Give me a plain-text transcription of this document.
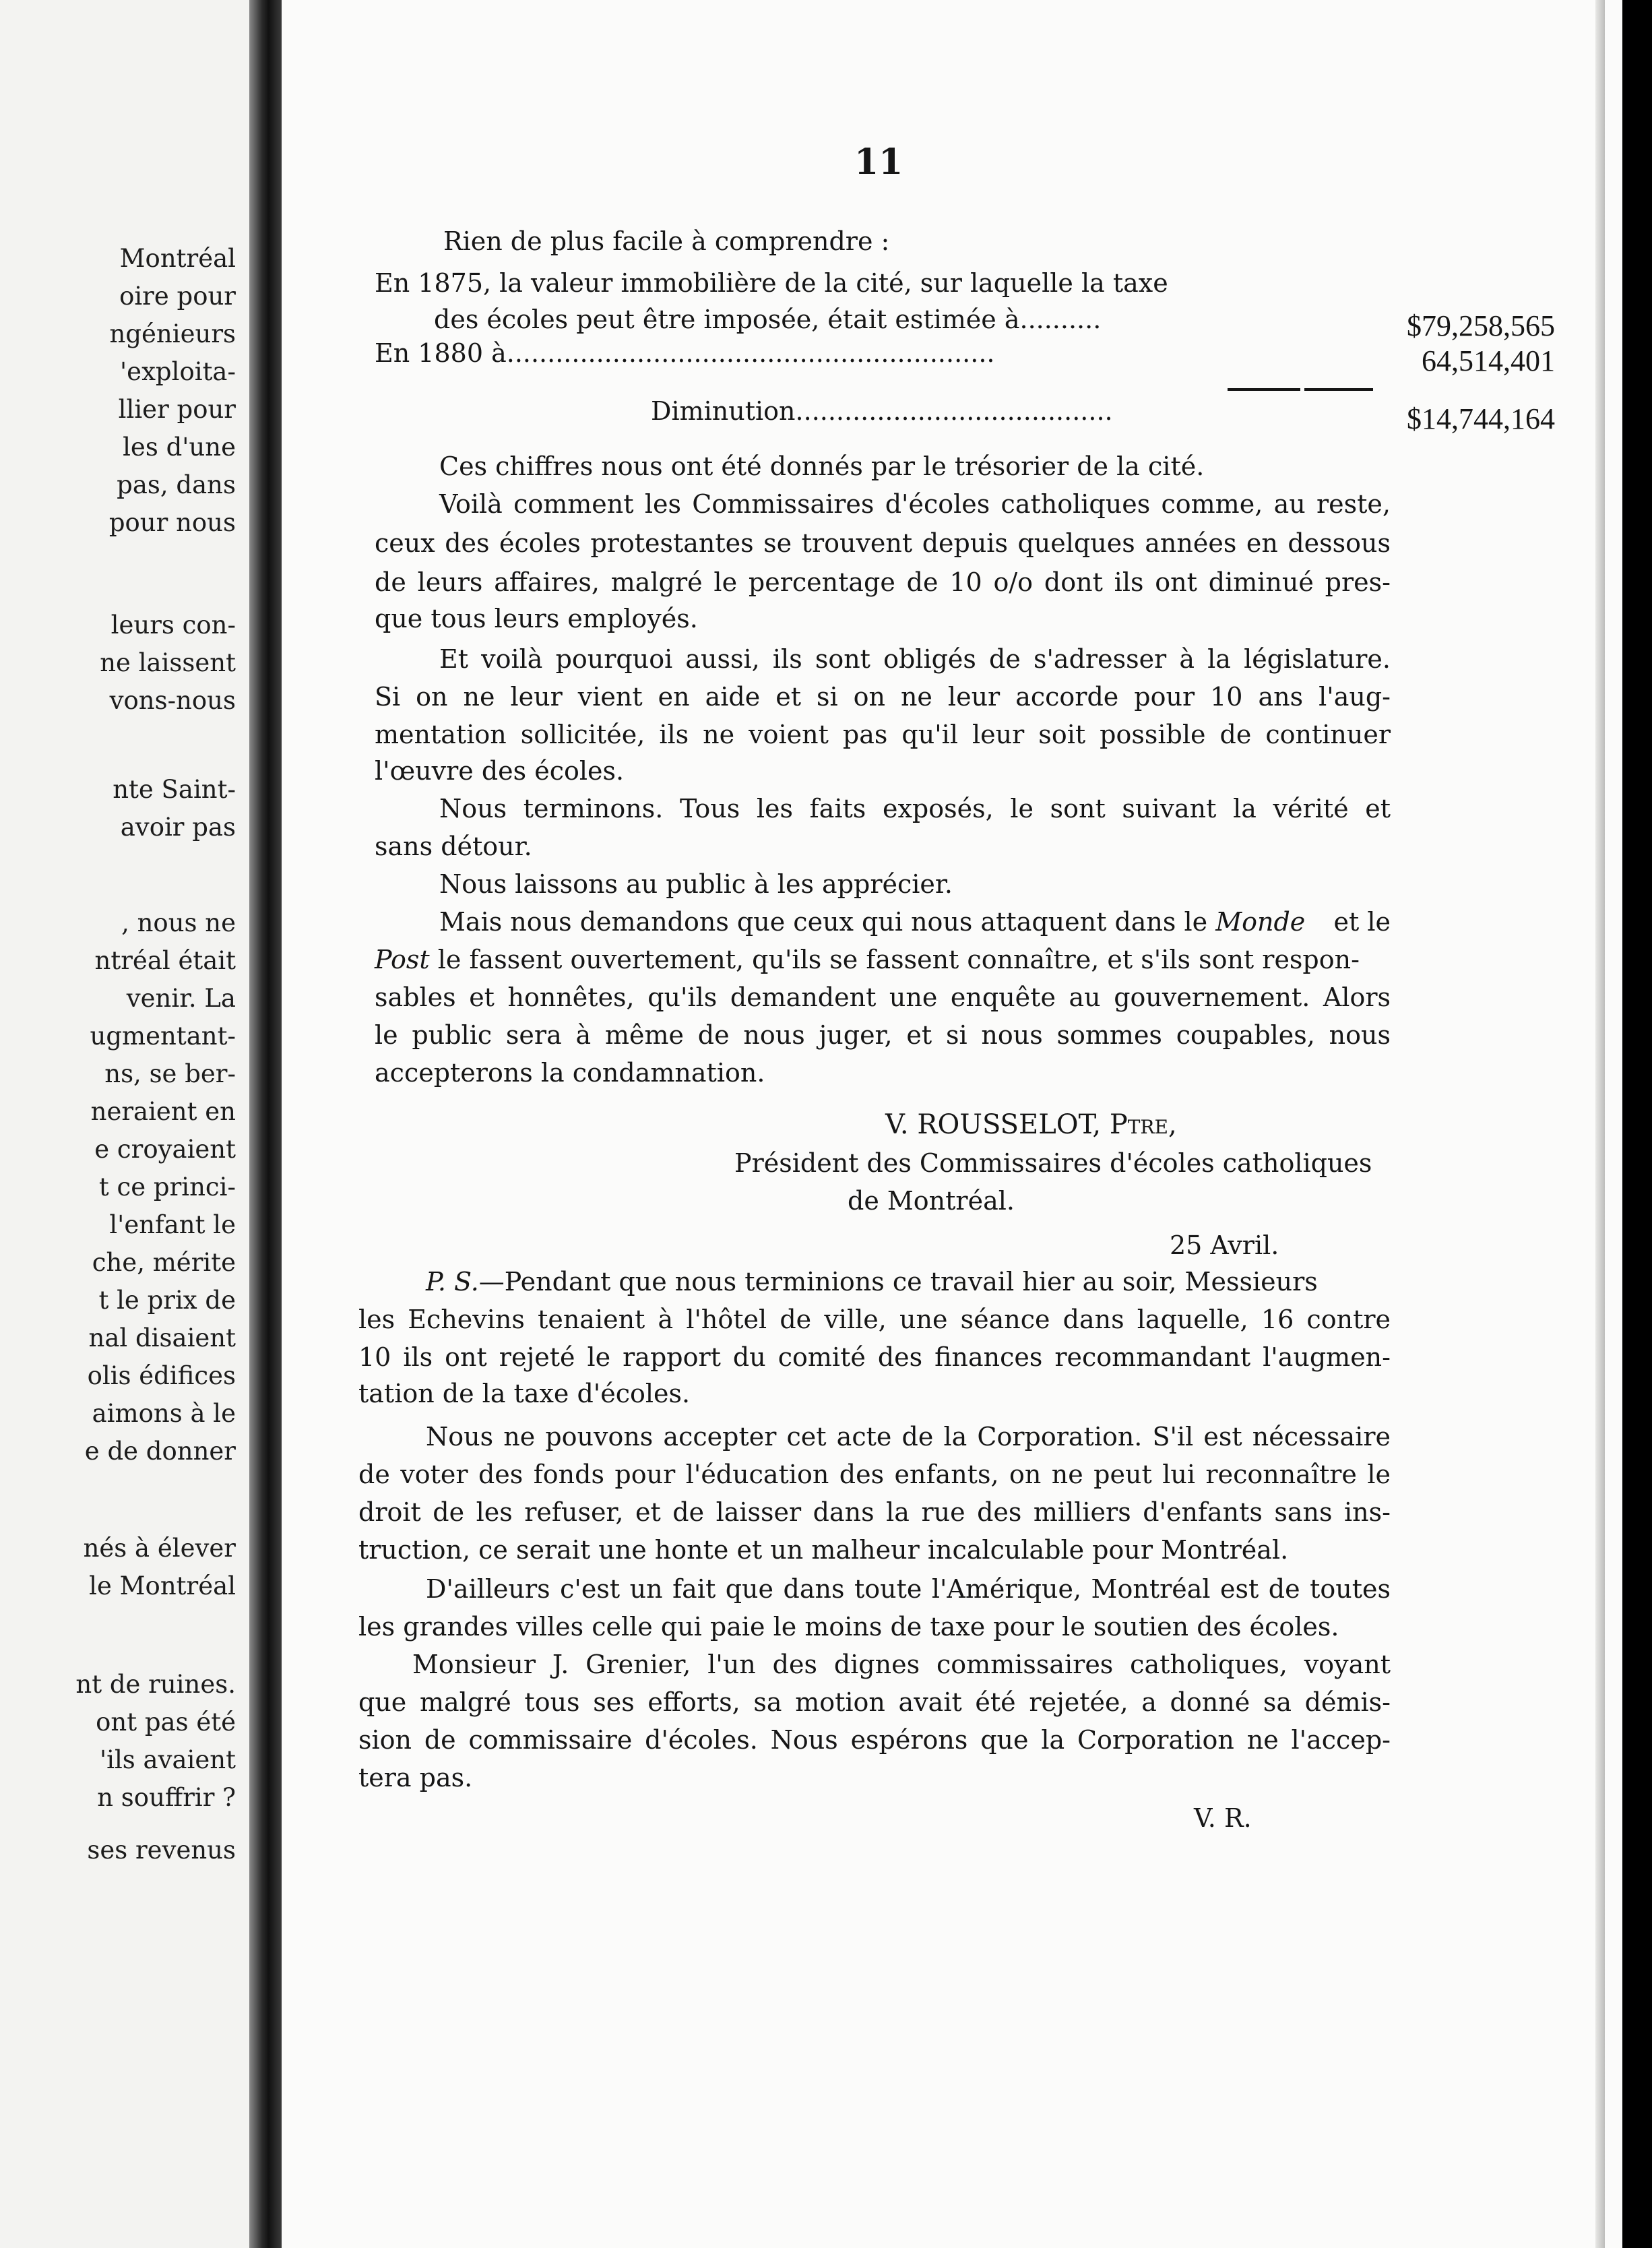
Montréal
oire pour
ngénieurs
'exploita-
llier pour
les d'une
pas, dans
pour nous
leurs con-
ne laissent
vons-nous
nte Saint-
avoir pas
, nous ne
ntréal était
venir. La
ugmentant-
ns, se ber-
neraient en
e croyaient
t ce princi-
l'enfant le
che, mérite
t le prix de
nal disaient
olis édifices
aimons à le
e de donner
nés à élever
le Montréal
nt de ruines.
ont pas été
'ils avaient
n souffrir ?
ses revenus
11
Rien de plus facile à comprendre :
En 1875, la valeur immobilière de la cité, sur laquelle la taxe
des écoles peut être imposée, était estimée à..........	$79,258,565
En 1880 à............................................................	64,514,401
Diminution.......................................	$14,744,164
Ces chiffres nous ont été donnés par le trésorier de la cité.
Voilà comment les Commissaires d'écoles catholiques comme, au reste,
ceux des écoles protestantes se trouvent depuis quelques années en dessous
de leurs affaires, malgré le percentage de 10 o/o dont ils ont diminué pres-
que tous leurs employés.
Et voilà pourquoi aussi, ils sont obligés de s'adresser à la législature.
Si on ne leur vient en aide et si on ne leur accorde pour 10 ans l'aug-
mentation sollicitée, ils ne voient pas qu'il leur soit possible de continuer
l'œuvre des écoles.
Nous terminons. Tous les faits exposés, le sont suivant la vérité et
sans détour.
Nous laissons au public à les apprécier.
Mais nous demandons que ceux qui nous attaquent dans le Monde et le
Post le fassent ouvertement, qu'ils se fassent connaître, et s'ils sont respon-
sables et honnêtes, qu'ils demandent une enquête au gouvernement. Alors
le public sera à même de nous juger, et si nous sommes coupables, nous
accepterons la condamnation.
V. ROUSSELOT, Ptre,
Président des Commissaires d'écoles catholiques
de Montréal.
25 Avril.
P. S. —Pendant que nous terminions ce travail hier au soir, Messieurs
les Echevins tenaient à l'hôtel de ville, une séance dans laquelle, 16 contre
10 ils ont rejeté le rapport du comité des finances recommandant l'augmen-
tation de la taxe d'écoles.
Nous ne pouvons accepter cet acte de la Corporation. S'il est nécessaire
de voter des fonds pour l'éducation des enfants, on ne peut lui reconnaître le
droit de les refuser, et de laisser dans la rue des milliers d'enfants sans ins-
truction, ce serait une honte et un malheur incalculable pour Montréal.
D'ailleurs c'est un fait que dans toute l'Amérique, Montréal est de toutes
les grandes villes celle qui paie le moins de taxe pour le soutien des écoles.
Monsieur J. Grenier, l'un des dignes commissaires catholiques, voyant
que malgré tous ses efforts, sa motion avait été rejetée, a donné sa démis-
sion de commissaire d'écoles. Nous espérons que la Corporation ne l'accep-
tera pas.
V. R.
